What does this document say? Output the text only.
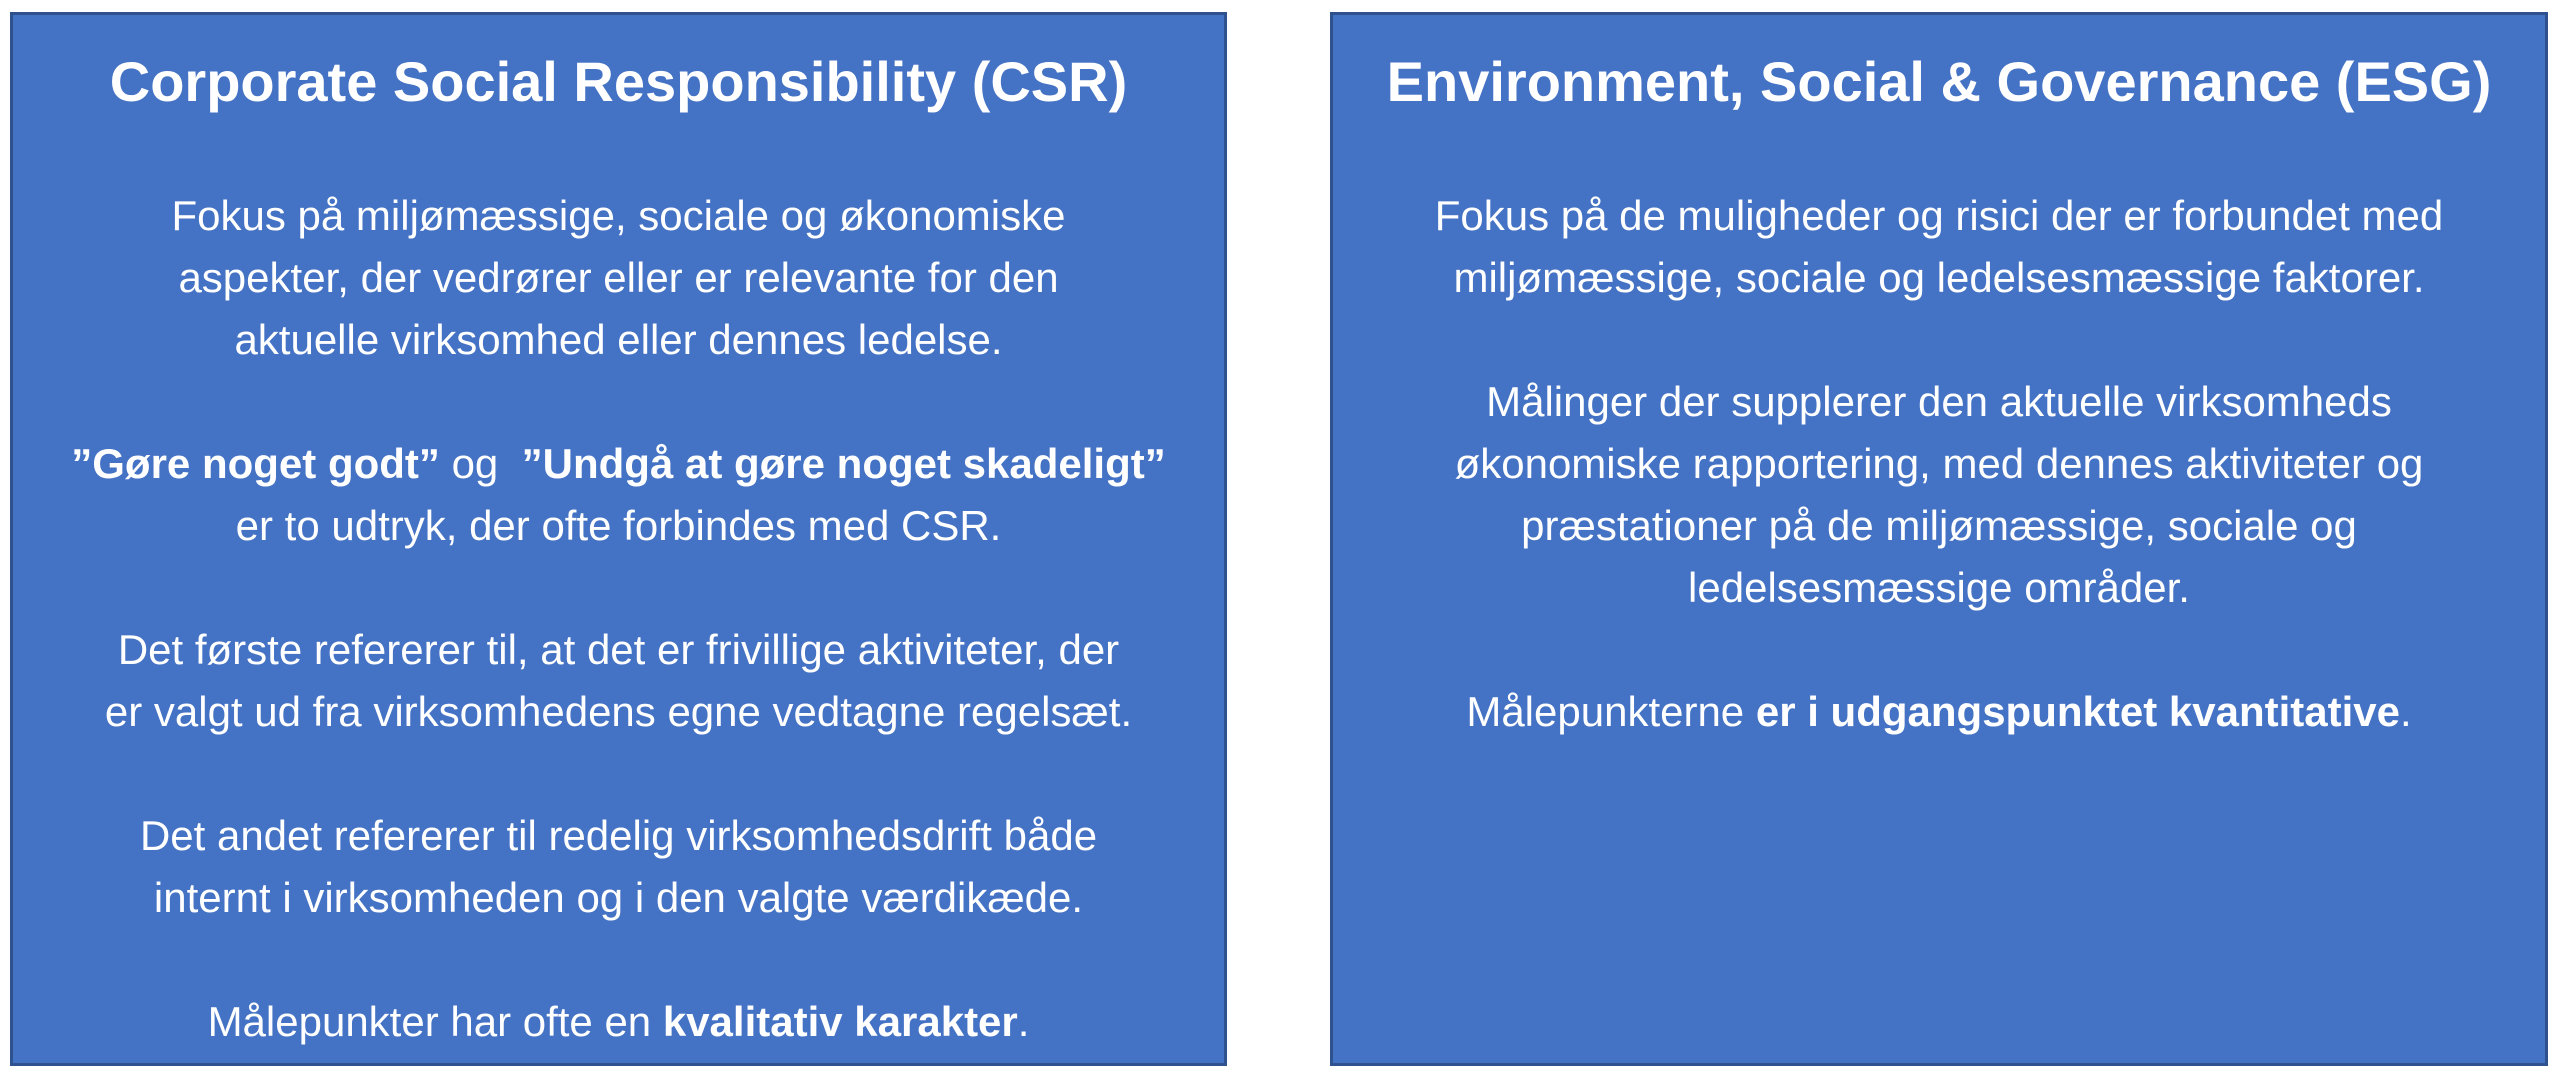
Corporate Social Responsibility (CSR)

Fokus på miljømæssige, sociale og økonomiske
aspekter, der vedrører eller er relevante for den
aktuelle virksomhed eller dennes ledelse.

”Gøre noget godt” og  ”Undgå at gøre noget skadeligt”
er to udtryk, der ofte forbindes med CSR.

Det første refererer til, at det er frivillige aktiviteter, der
er valgt ud fra virksomhedens egne vedtagne regelsæt.

Det andet refererer til redelig virksomhedsdrift både
internt i virksomheden og i den valgte værdikæde.

Målepunkter har ofte en kvalitativ karakter.

Environment, Social & Governance (ESG)

Fokus på de muligheder og risici der er forbundet med
miljømæssige, sociale og ledelsesmæssige faktorer.

Målinger der supplerer den aktuelle virksomheds
økonomiske rapportering, med dennes aktiviteter og
præstationer på de miljømæssige, sociale og
ledelsesmæssige områder.

Målepunkterne er i udgangspunktet kvantitative.
